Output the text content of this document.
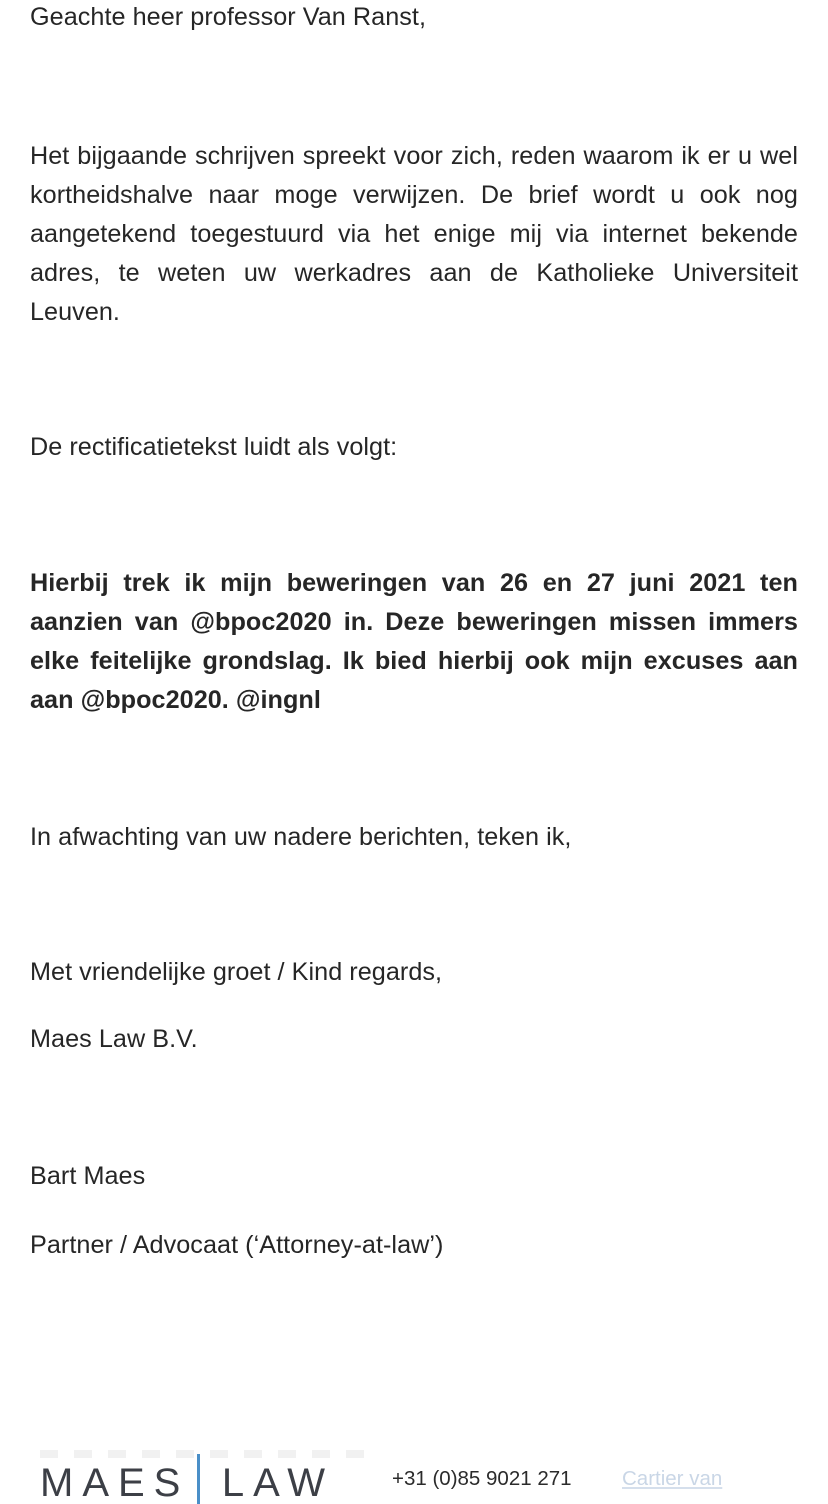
Geachte heer professor Van Ranst,

Het bijgaande schrijven spreekt voor zich, reden waarom ik er u wel kortheidshalve naar moge verwijzen. De brief wordt u ook nog aangetekend toegestuurd via het enige mij via internet bekende adres, te weten uw werkadres aan de Katholieke Universiteit Leuven.

De rectificatietekst luidt als volgt:

Hierbij trek ik mijn beweringen van 26 en 27 juni 2021 ten aanzien van @bpoc2020 in. Deze beweringen missen immers elke feitelijke grondslag. Ik bied hierbij ook mijn excuses aan aan @bpoc2020. @ingnl

In afwachting van uw nadere berichten, teken ik,

Met vriendelijke groet / Kind regards,

Maes Law B.V.

Bart Maes

Partner / Advocaat (‘Attorney-at-law’)

MAES LAW	+31 (0)85 9021 271 Cartier van
